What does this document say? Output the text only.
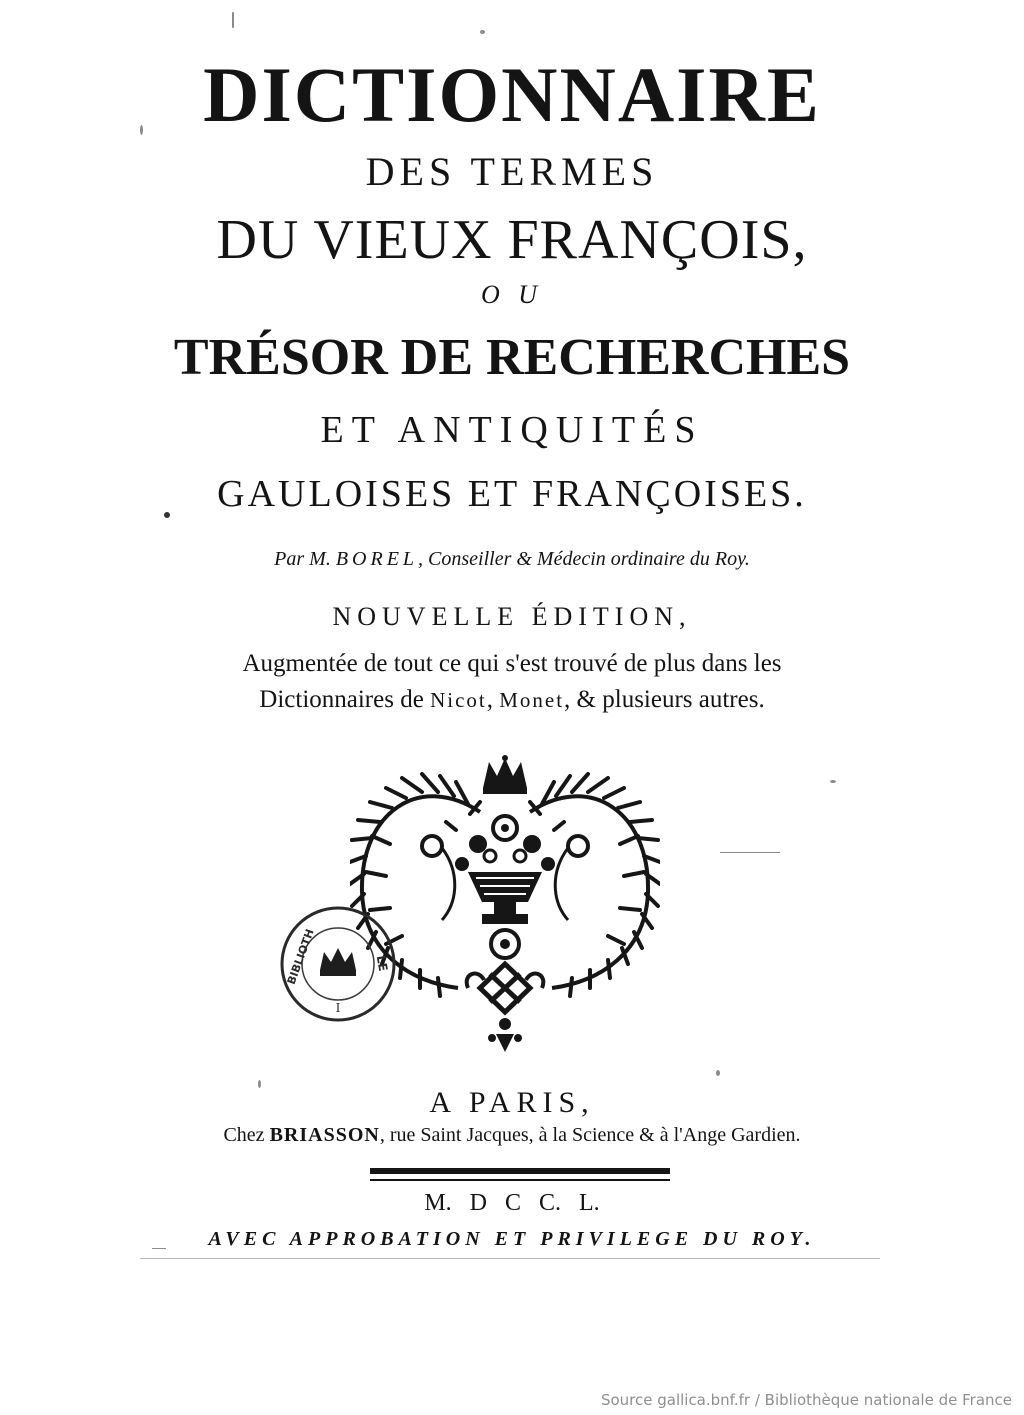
DICTIONNAIRE
DES TERMES
DU VIEUX FRANÇOIS,
O U
TRÉSOR DE RECHERCHES
ET ANTIQUITÉS
GAULOISES ET FRANÇOISES.
Par M. BOREL, Conseiller & Médecin ordinaire du Roy.
NOUVELLE ÉDITION,
Augmentée de tout ce qui s'est trouvé de plus dans les
Dictionnaires de Nicot, Monet, & plusieurs autres.
BIBLIOTH	LE
I
A PARIS,
Chez BRIASSON, rue Saint Jacques, à la Science & à l'Ange Gardien.
M. D C C. L.
AVEC APPROBATION ET PRIVILEGE DU ROY.
Source gallica.bnf.fr / Bibliothèque nationale de France
